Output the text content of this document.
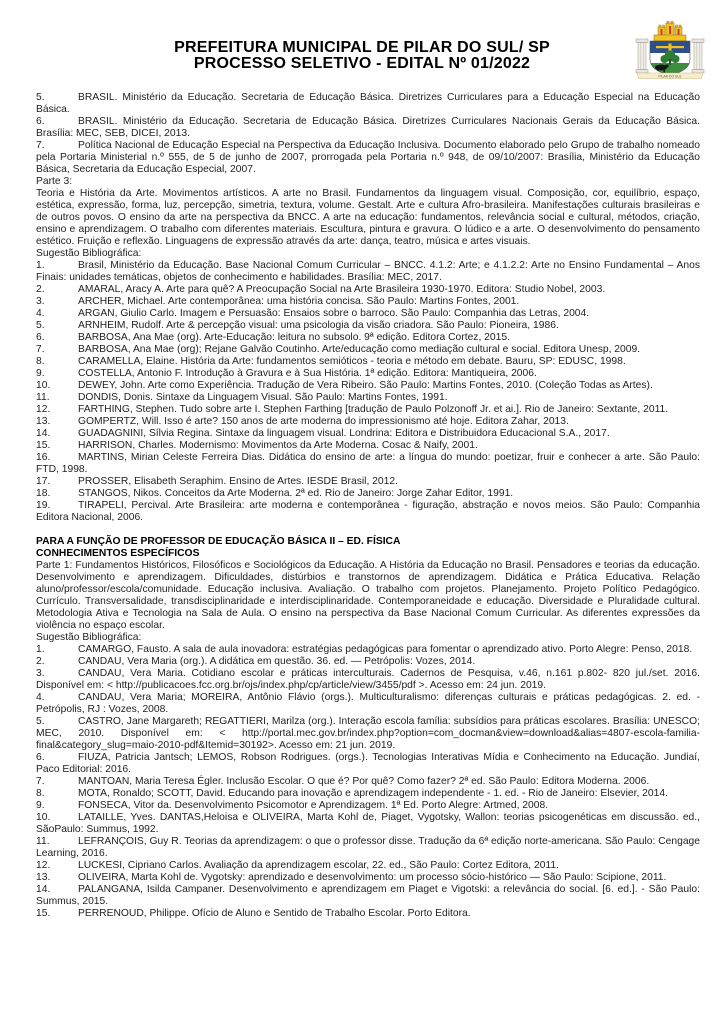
PREFEITURA MUNICIPAL DE PILAR DO SUL/ SP
PROCESSO SELETIVO - EDITAL Nº 01/2022
PILAR DO SUL

5.	BRASIL. Ministério da Educação. Secretaria de Educação Básica. Diretrizes Curriculares para a Educação Especial na Educação Básica.

6.	BRASIL. Ministério da Educação. Secretaria de Educação Básica. Diretrizes Curriculares Nacionais Gerais da Educação Básica. Brasília: MEC, SEB, DICEI, 2013.

7.	Política Nacional de Educação Especial na Perspectiva da Educação Inclusiva. Documento elaborado pelo Grupo de trabalho nomeado pela Portaria Ministerial n.º 555, de 5 de junho de 2007, prorrogada pela Portaria n.º 948, de 09/10/2007: Brasília, Ministério da Educação Básica, Secretaria da Educação Especial, 2007.

Parte 3:

Teoria e História da Arte. Movimentos artísticos. A arte no Brasil. Fundamentos da linguagem visual. Composição, cor, equilíbrio, espaço, estética, expressão, forma, luz, percepção, simetria, textura, volume. Gestalt. Arte e cultura Afro-brasileira. Manifestações culturais brasileiras e de outros povos. O ensino da arte na perspectiva da BNCC. A arte na educação: fundamentos, relevância social e cultural, métodos, criação, ensino e aprendizagem. O trabalho com diferentes materiais. Escultura, pintura e gravura. O lúdico e a arte. O desenvolvimento do pensamento estético. Fruição e reflexão. Linguagens de expressão através da arte: dança, teatro, música e artes visuais.

Sugestão Bibliográfica:

1.	Brasil, Ministério da Educação. Base Nacional Comum Curricular – BNCC. 4.1.2: Arte; e 4.1.2.2: Arte no Ensino Fundamental – Anos Finais: unidades temáticas, objetos de conhecimento e habilidades. Brasília: MEC, 2017.

2.	AMARAL, Aracy A. Arte para quê? A Preocupação Social na Arte Brasileira 1930-1970. Editora: Studio Nobel, 2003.

3.	ARCHER, Michael. Arte contemporânea: uma história concisa. São Paulo: Martins Fontes, 2001.

4.	ARGAN, Giulio Carlo. Imagem e Persuasão: Ensaios sobre o barroco. São Paulo: Companhia das Letras, 2004.

5.	ARNHEIM, Rudolf. Arte & percepção visual: uma psicologia da visão criadora. São Paulo: Pioneira, 1986.

6.	BARBOSA, Ana Mae (org). Arte-Educação: leitura no subsolo. 9ª edição. Editora Cortez, 2015.

7.	BARBOSA, Ana Mae (org); Rejane Galvão Coutinho. Arte/educação como mediação cultural e social. Editora Unesp, 2009.

8.	CARAMELLA, Elaine. História da Arte: fundamentos semióticos - teoria e método em debate. Bauru, SP: EDUSC, 1998.

9.	COSTELLA, Antonio F. Introdução à Gravura e à Sua História. 1ª edição. Editora: Mantiqueira, 2006.

10.	DEWEY, John. Arte como Experiência. Tradução de Vera Ribeiro. São Paulo: Martins Fontes, 2010. (Coleção Todas as Artes).

11.	DONDIS, Donis. Sintaxe da Linguagem Visual. São Paulo: Martins Fontes, 1991.

12.	FARTHING, Stephen. Tudo sobre arte I. Stephen Farthing [tradução de Paulo Polzonoff Jr. et ai.]. Rio de Janeiro: Sextante, 2011.

13.	GOMPERTZ, Will. Isso é arte? 150 anos de arte moderna do impressionismo até hoje. Editora Zahar, 2013.

14.	GUADAGNINI, Sílvia Regina. Sintaxe da linguagem visual. Londrina: Editora e Distribuidora Educacional S.A., 2017.

15.	HARRISON, Charles. Modernismo: Movimentos da Arte Moderna. Cosac & Naify, 2001.

16.	MARTINS, Mirian Celeste Ferreira Dias. Didática do ensino de arte: a língua do mundo: poetizar, fruir e conhecer a arte. São Paulo: FTD, 1998.

17.	PROSSER, Elisabeth Seraphim. Ensino de Artes. IESDE Brasil, 2012.

18.	STANGOS, Nikos. Conceitos da Arte Moderna. 2ª ed. Rio de Janeiro: Jorge Zahar Editor, 1991.

19.	TIRAPELI, Percival. Arte Brasileira: arte moderna e contemporânea - figuração, abstração e novos meios. São Paulo: Companhia Editora Nacional, 2006.

PARA A FUNÇÃO DE PROFESSOR DE EDUCAÇÃO BÁSICA II – ED. FÍSICA

CONHECIMENTOS ESPECÍFICOS

Parte 1: Fundamentos Históricos, Filosóficos e Sociológicos da Educação. A História da Educação no Brasil. Pensadores e teorias da educação. Desenvolvimento e aprendizagem. Dificuldades, distúrbios e transtornos de aprendizagem. Didática e Prática Educativa. Relação aluno/professor/escola/comunidade. Educação inclusiva. Avaliação. O trabalho com projetos. Planejamento. Projeto Político Pedagógico. Currículo. Transversalidade, transdisciplinaridade e interdisciplinaridade. Contemporaneidade e educação. Diversidade e Pluralidade cultural. Metodologia Ativa e Tecnologia na Sala de Aula. O ensino na perspectiva da Base Nacional Comum Curricular. As diferentes expressões da violência no espaço escolar.

Sugestão Bibliográfica:

1.	CAMARGO, Fausto. A sala de aula inovadora: estratégias pedagógicas para fomentar o aprendizado ativo. Porto Alegre: Penso, 2018.

2.	CANDAU, Vera Maria (org.). A didática em questão. 36. ed. — Petrópolis: Vozes, 2014.

3.	CANDAU, Vera Maria. Cotidiano escolar e práticas interculturais. Cadernos de Pesquisa, v.46, n.161 p.802- 820 jul./set. 2016. Disponível em: < http://publicacoes.fcc.org.br/ojs/index.php/cp/article/view/3455/pdf >. Acesso em: 24 jun. 2019.

4.	CANDAU, Vera Maria; MOREIRA, Antônio Flávio (orgs.). Multiculturalismo: diferenças culturais e práticas pedagógicas. 2. ed. - Petrópolis, RJ : Vozes, 2008.

5.	CASTRO, Jane Margareth; REGATTIERI, Marilza (org.). Interação escola família: subsídios para práticas escolares. Brasília: UNESCO; MEC, 2010. Disponível em: < http://portal.mec.gov.br/index.php?option=com_docman&view=download&alias=4807-escola-familia-final&category_slug=maio-2010-pdf&Itemid=30192>. Acesso em: 21 jun. 2019.

6.	FIUZA, Patricia Jantsch; LEMOS, Robson Rodrigues. (orgs.). Tecnologias Interativas Mídia e Conhecimento na Educação. Jundiaí, Paco Editorial: 2016.

7.	MANTOAN, Maria Teresa Égler. Inclusão Escolar. O que é? Por quê? Como fazer? 2ª ed. São Paulo: Editora Moderna. 2006.

8.	MOTA, Ronaldo; SCOTT, David. Educando para inovação e aprendizagem independente - 1. ed. - Rio de Janeiro: Elsevier, 2014.

9.	FONSECA, Vitor da. Desenvolvimento Psicomotor e Aprendizagem. 1ª Ed. Porto Alegre: Artmed, 2008.

10.	LATAILLE, Yves. DANTAS,Heloisa e OLIVEIRA, Marta Kohl de, Piaget, Vygotsky, Wallon: teorias psicogenéticas em discussão. ed., SãoPaulo: Summus, 1992.

11.	LEFRANÇOIS, Guy R. Teorias da aprendizagem: o que o professor disse. Tradução da 6ª edição norte-americana. São Paulo: Cengage Learning, 2016.

12.	LUCKESI, Cipriano Carlos. Avaliação da aprendizagem escolar, 22. ed., São Paulo: Cortez Editora, 2011.

13.	OLIVEIRA, Marta Kohl de. Vygotsky: aprendizado e desenvolvimento: um processo sócio-histórico — São Paulo: Scipione, 2011.

14.	PALANGANA, Isilda Campaner. Desenvolvimento e aprendizagem em Piaget e Vigotski: a relevância do social. [6. ed.]. - São Paulo: Summus, 2015.

15.	PERRENOUD, Philippe. Ofício de Aluno e Sentido de Trabalho Escolar. Porto Editora.
